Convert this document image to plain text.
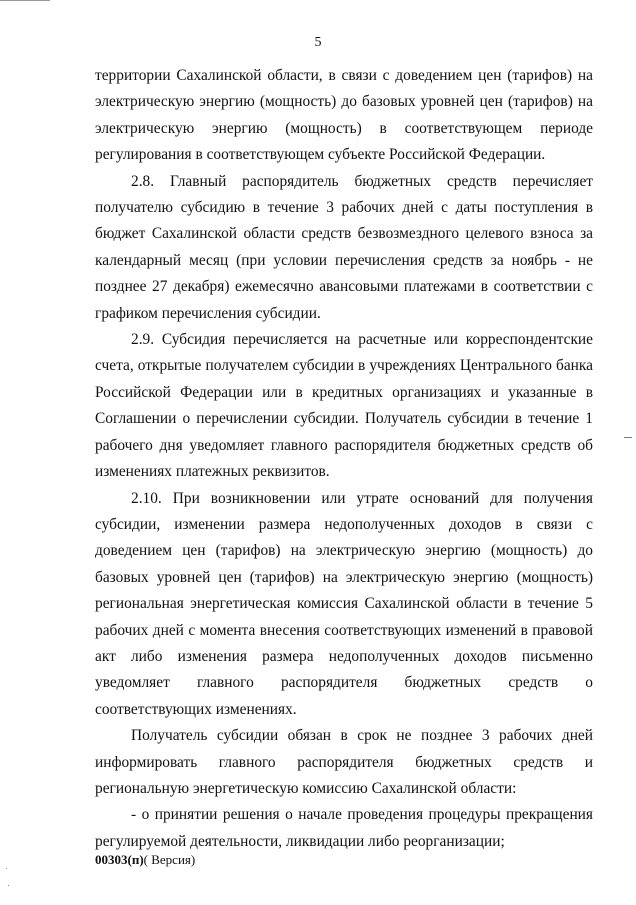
5

территории Сахалинской области, в связи с доведением цен (тарифов) на электрическую энергию (мощность) до базовых уровней цен (тарифов) на электрическую энергию (мощность) в соответствующем периоде регулирования в соответствующем субъекте Российской Федерации.

2.8. Главный распорядитель бюджетных средств перечисляет получателю субсидию в течение 3 рабочих дней с даты поступления в бюджет Сахалинской области средств безвозмездного целевого взноса за календарный месяц (при условии перечисления средств за ноябрь - не позднее 27 декабря) ежемесячно авансовыми платежами в соответствии с графиком перечисления субсидии.

2.9. Субсидия перечисляется на расчетные или корреспондентские счета, открытые получателем субсидии в учреждениях Центрального банка Российской Федерации или в кредитных организациях и указанные в Соглашении о перечислении субсидии. Получатель субсидии в течение 1 рабочего дня уведомляет главного распорядителя бюджетных средств об изменениях платежных реквизитов.

2.10. При возникновении или утрате оснований для получения субсидии, изменении размера недополученных доходов в связи с доведением цен (тарифов) на электрическую энергию (мощность) до базовых уровней цен (тарифов) на электрическую энергию (мощность) региональная энергетическая комиссия Сахалинской области в течение 5 рабочих дней с момента внесения соответствующих изменений в правовой акт либо изменения размера недополученных доходов письменно уведомляет главного распорядителя бюджетных средств о соответствующих изменениях.

Получатель субсидии обязан в срок не позднее 3 рабочих дней информировать главного распорядителя бюджетных средств и региональную энергетическую комиссию Сахалинской области:

- о принятии решения о начале проведения процедуры прекращения регулируемой деятельности, ликвидации либо реорганизации;

00303(п)( Версия)
